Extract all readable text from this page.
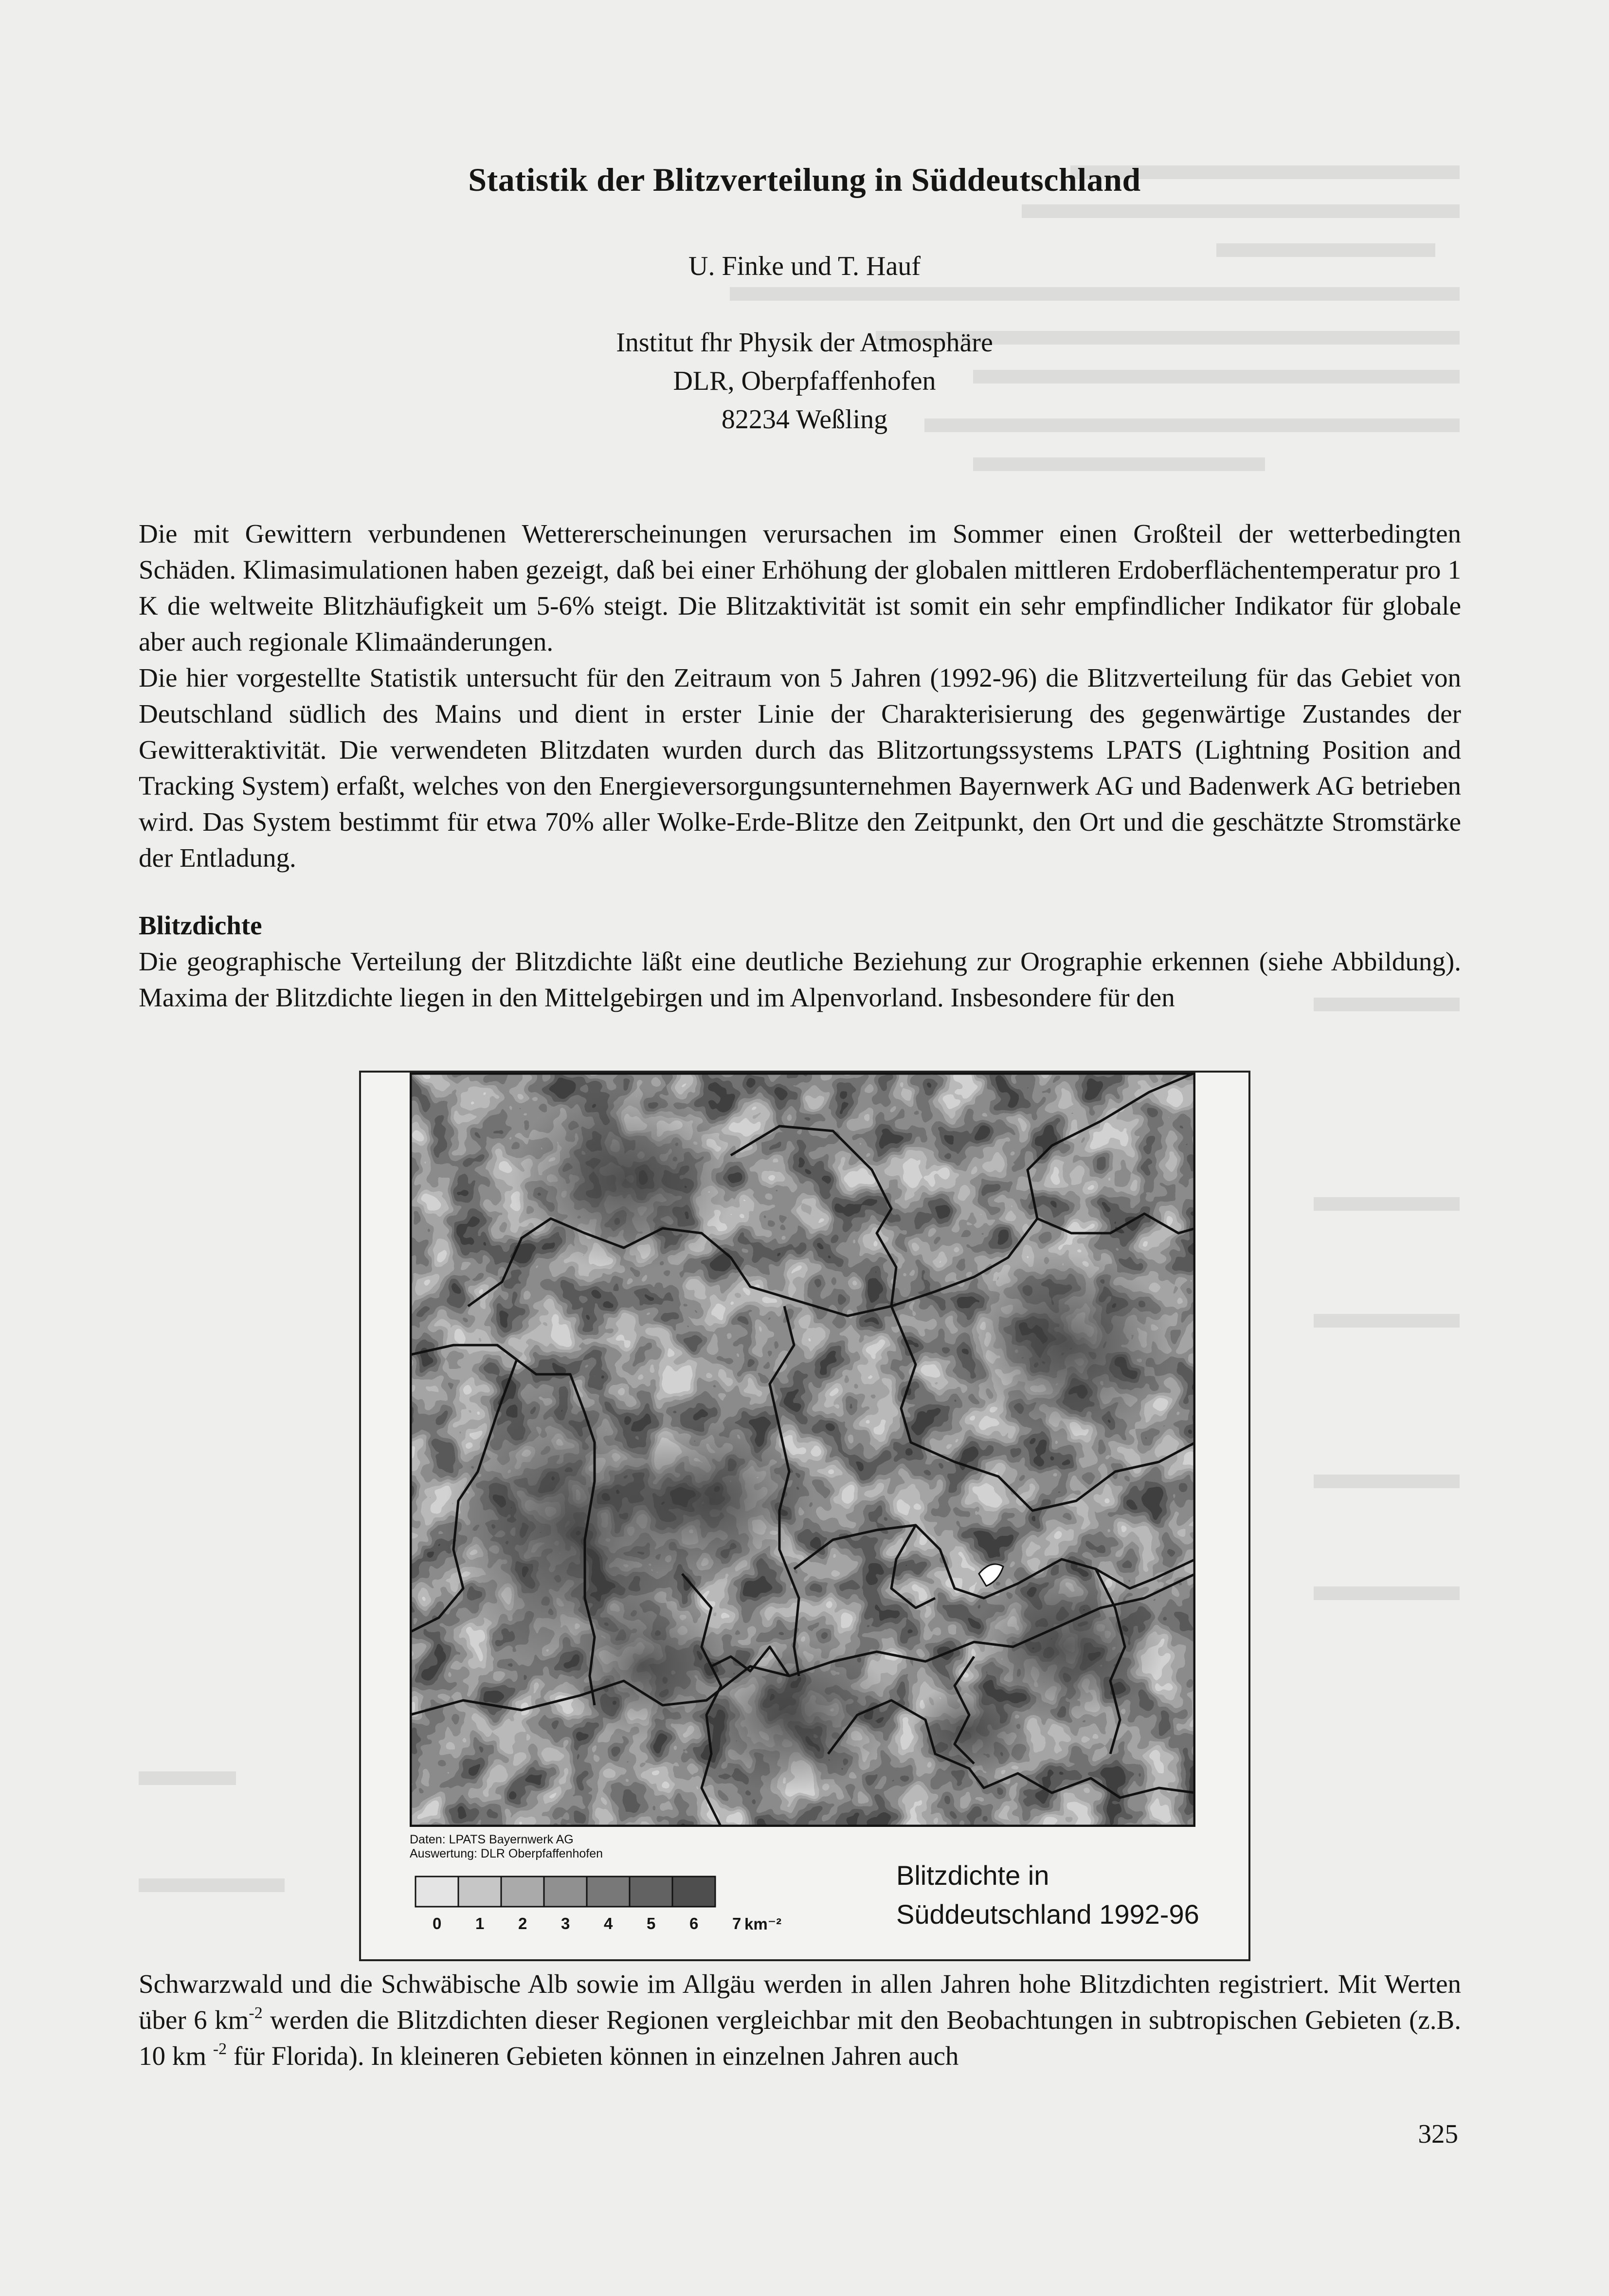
Statistik der Blitzverteilung in Süddeutschland
U. Finke und T. Hauf
Institut fhr Physik der Atmosphäre
DLR, Oberpfaffenhofen
82234 Weßling

Die mit Gewittern verbundenen Wettererscheinungen verursachen im Sommer einen Großteil der wetterbedingten Schäden. Klimasimulationen haben gezeigt, daß bei einer Erhöhung der globalen mittleren Erdoberflächentemperatur pro 1 K die weltweite Blitzhäufigkeit um 5-6% steigt. Die Blitzaktivität ist somit ein sehr empfindlicher Indikator für globale aber auch regionale Klimaänderungen.

Die hier vorgestellte Statistik untersucht für den Zeitraum von 5 Jahren (1992-96) die Blitzverteilung für das Gebiet von Deutschland südlich des Mains und dient in erster Linie der Charakterisierung des gegenwärtige Zustandes der Gewitteraktivität. Die verwendeten Blitzdaten wurden durch das Blitzortungssystems LPATS (Lightning Position and Tracking System) erfaßt, welches von den Energieversorgungsunternehmen Bayernwerk AG und Badenwerk AG betrieben wird. Das System bestimmt für etwa 70% aller Wolke-Erde-Blitze den Zeitpunkt, den Ort und die geschätzte Stromstärke der Entladung.

Blitzdichte

Die geographische Verteilung der Blitzdichte läßt eine deutliche Beziehung zur Orographie erkennen (siehe Abbildung). Maxima der Blitzdichte liegen in den Mittelgebirgen und im Alpenvorland. Insbesondere für den

Daten: LPATS Bayernwerk AG
Auswertung: DLR Oberpfaffenhofen
0 1 2 3 4 5 6 7 km⁻²
Blitzdichte in
Süddeutschland 1992-96

Schwarzwald und die Schwäbische Alb sowie im Allgäu werden in allen Jahren hohe Blitzdichten registriert. Mit Werten über 6 $km^{-2}$ werden die Blitzdichten dieser Regionen vergleichbar mit den Beobachtungen in subtropischen Gebieten (z.B. 10 km $^{-2}$ für Florida). In kleineren Gebieten können in einzelnen Jahren auch

325
